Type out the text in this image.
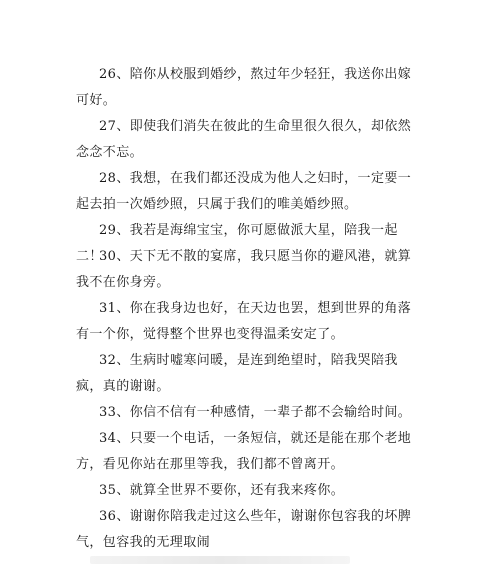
26、陪你从校服到婚纱，熬过年少轻狂，我送你出嫁可好。

27、即使我们消失在彼此的生命里很久很久，却依然念念不忘。

28、我想，在我们都还没成为他人之妇时，一定要一起去拍一次婚纱照，只属于我们的唯美婚纱照。

29、我若是海绵宝宝，你可愿做派大星，陪我一起二！

30、天下无不散的宴席，我只愿当你的避风港，就算我不在你身旁。

31、你在我身边也好，在天边也罢，想到世界的角落有一个你，觉得整个世界也变得温柔安定了。

32、生病时嘘寒问暖，是连到绝望时，陪我哭陪我疯，真的谢谢。

33、你信不信有一种感情，一辈子都不会输给时间。

34、只要一个电话，一条短信，就还是能在那个老地方，看见你站在那里等我，我们都不曾离开。

35、就算全世界不要你，还有我来疼你。

36、谢谢你陪我走过这么些年，谢谢你包容我的坏脾气，包容我的无理取闹
